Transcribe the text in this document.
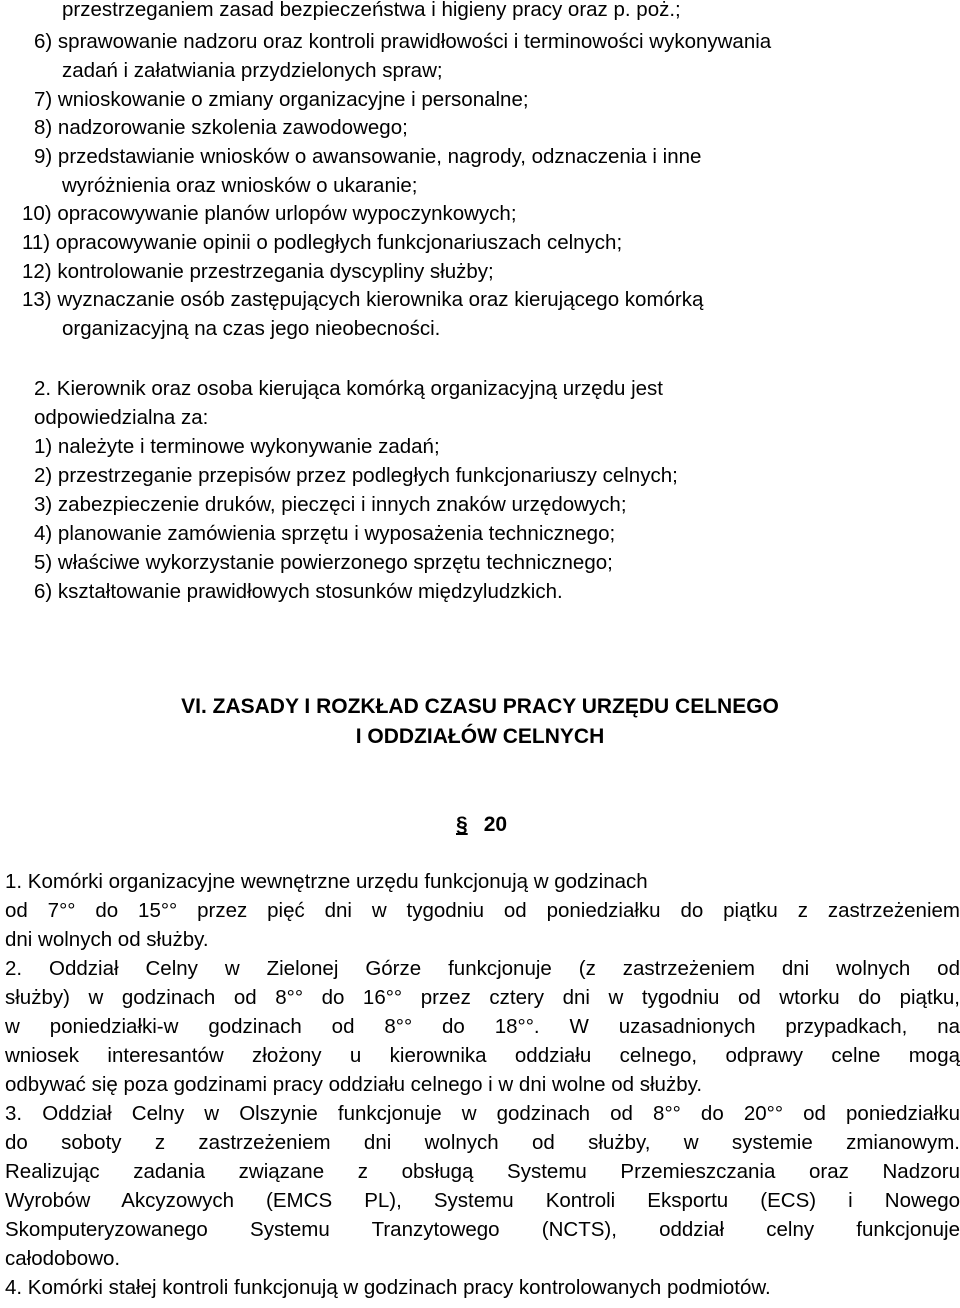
przestrzeganiem zasad bezpieczeństwa i higieny pracy oraz p. poż.;
6) sprawowanie nadzoru oraz kontroli prawidłowości i terminowości wykonywania
zadań i załatwiania przydzielonych spraw;
7) wnioskowanie o zmiany organizacyjne i personalne;
8) nadzorowanie szkolenia zawodowego;
9) przedstawianie wniosków o awansowanie, nagrody, odznaczenia i inne
wyróżnienia oraz wniosków o ukaranie;
10) opracowywanie planów urlopów wypoczynkowych;
11) opracowywanie opinii o podległych funkcjonariuszach celnych;
12) kontrolowanie przestrzegania dyscypliny służby;
13) wyznaczanie osób zastępujących kierownika oraz kierującego komórką
organizacyjną na czas jego nieobecności.
2. Kierownik oraz osoba kierująca komórką organizacyjną urzędu jest
odpowiedzialna za:
1) należyte i terminowe wykonywanie zadań;
2) przestrzeganie przepisów przez podległych funkcjonariuszy celnych;
3) zabezpieczenie druków, pieczęci i innych znaków urzędowych;
4) planowanie zamówienia sprzętu i wyposażenia technicznego;
5) właściwe wykorzystanie powierzonego sprzętu technicznego;
6) kształtowanie prawidłowych stosunków międzyludzkich.
VI. ZASADY I ROZKŁAD CZASU PRACY URZĘDU CELNEGO
I ODDZIAŁÓW CELNYCH
§ 20
1. Komórki organizacyjne wewnętrzne urzędu funkcjonują w godzinach
od 7°° do 15°° przez pięć dni w tygodniu od poniedziałku do piątku z zastrzeżeniem
dni wolnych od służby.
2. Oddział Celny w Zielonej Górze funkcjonuje (z zastrzeżeniem dni wolnych od
służby) w godzinach od 8°° do 16°° przez cztery dni w tygodniu od wtorku do piątku,
w poniedziałki-w godzinach od 8°° do 18°°. W uzasadnionych przypadkach, na
wniosek interesantów złożony u kierownika oddziału celnego, odprawy celne mogą
odbywać się poza godzinami pracy oddziału celnego i w dni wolne od służby.
3. Oddział Celny w Olszynie funkcjonuje w godzinach od 8°° do 20°° od poniedziałku
do soboty z zastrzeżeniem dni wolnych od służby, w systemie zmianowym.
Realizując zadania związane z obsługą Systemu Przemieszczania oraz Nadzoru
Wyrobów Akcyzowych (EMCS PL), Systemu Kontroli Eksportu (ECS) i Nowego
Skomputeryzowanego Systemu Tranzytowego (NCTS), oddział celny funkcjonuje
całodobowo.
4. Komórki stałej kontroli funkcjonują w godzinach pracy kontrolowanych podmiotów.
